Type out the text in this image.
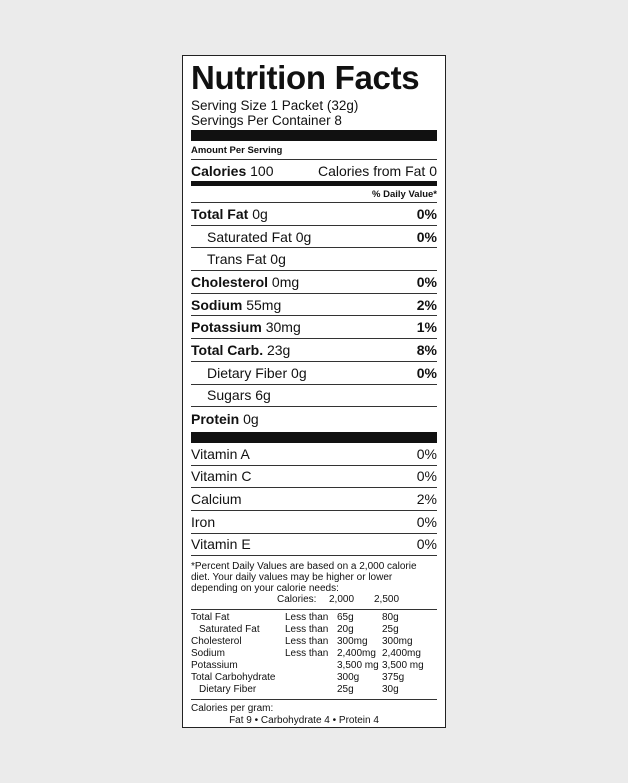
Nutrition Facts
Serving Size 1 Packet (32g)
Servings Per Container 8
Amount Per Serving
Calories 100	Calories from Fat 0
% Daily Value*
Total Fat 0g	0%
Saturated Fat 0g	0%
Trans Fat 0g
Cholesterol 0mg	0%
Sodium 55mg	2%
Potassium 30mg	1%
Total Carb. 23g	8%
Dietary Fiber 0g	0%
Sugars 6g
Protein 0g
Vitamin A	0%
Vitamin C	0%
Calcium	2%
Iron	0%
Vitamin E	0%
*Percent Daily Values are based on a 2,000 calorie diet. Your daily values may be higher or lower depending on your calorie needs:
	Calories:	2,000	2,500
Total Fat	Less than	65g	80g
Saturated Fat	Less than	20g	25g
Cholesterol	Less than	300mg	300mg
Sodium	Less than	2,400mg	2,400mg
Potassium		3,500 mg	3,500 mg
Total Carbohydrate		300g	375g
Dietary Fiber		25g	30g
Calories per gram:
Fat 9 • Carbohydrate 4 • Protein 4
